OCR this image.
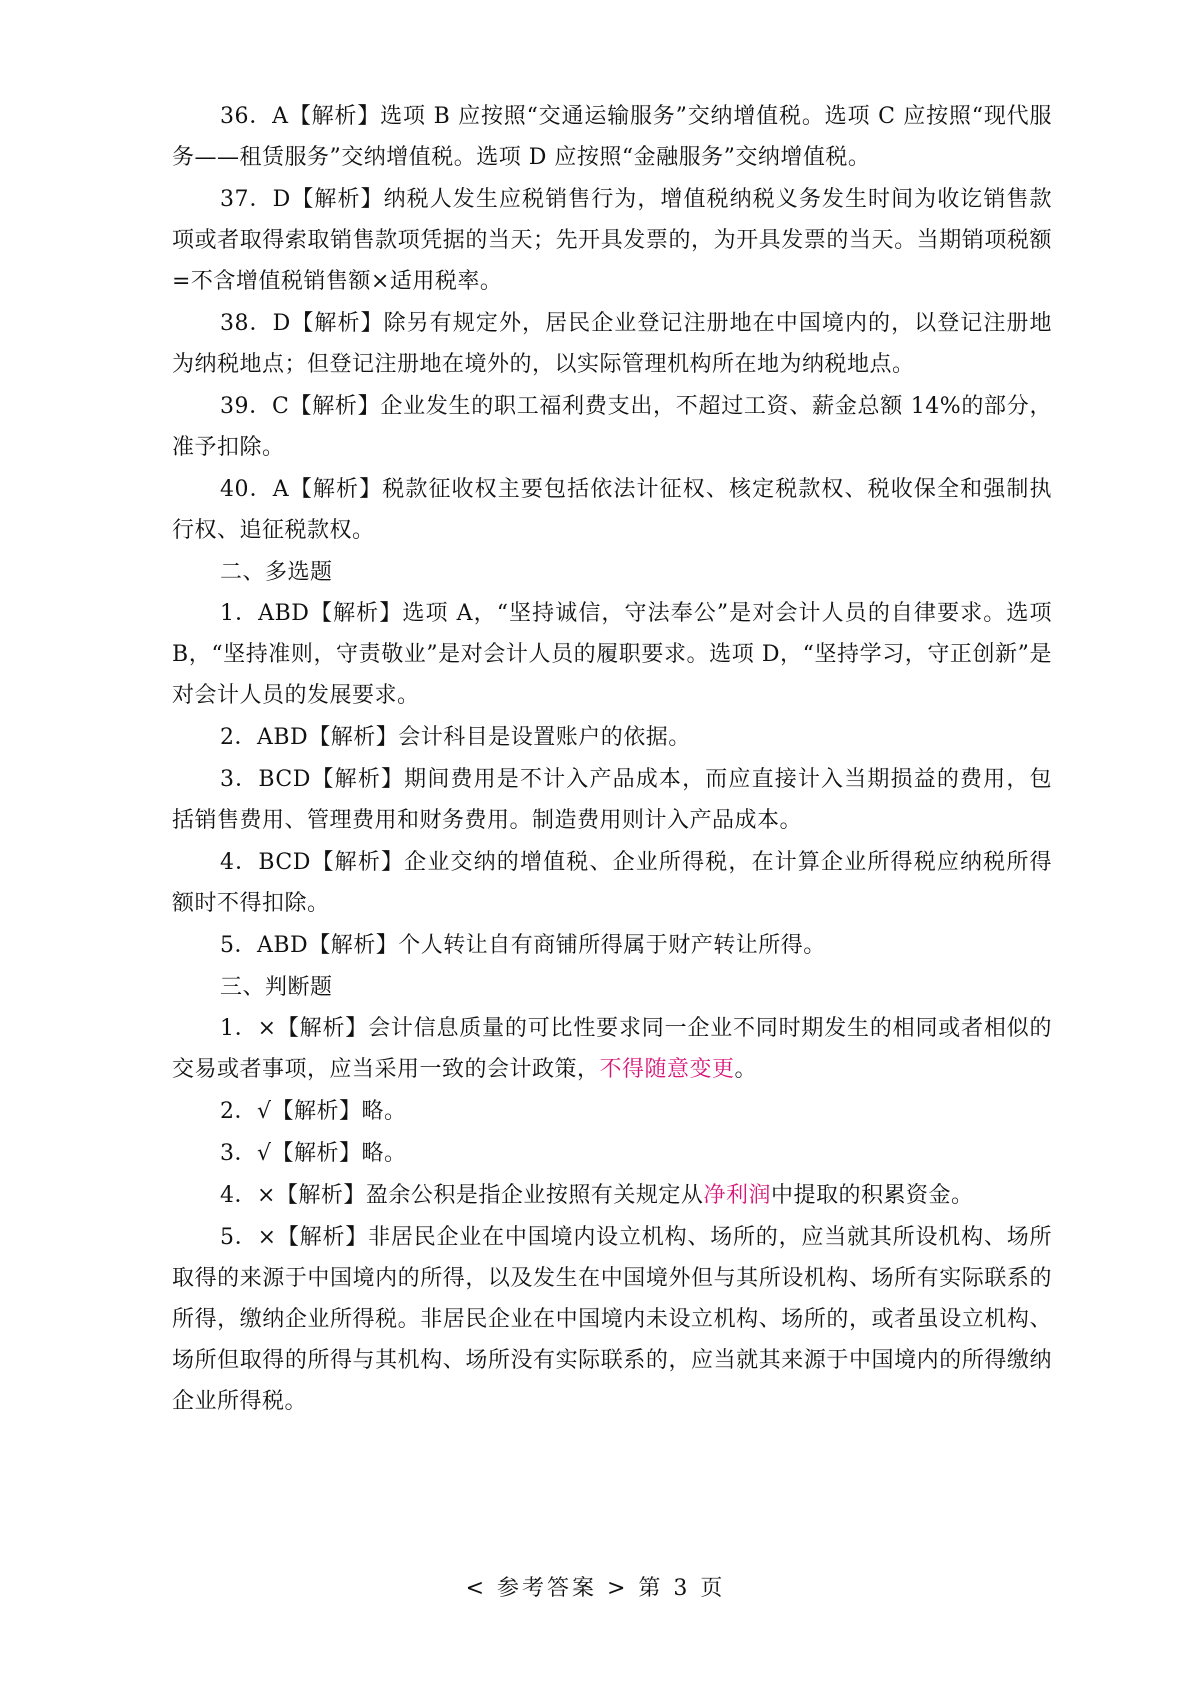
36．A【解析】选项 B 应按照“交通运输服务”交纳增值税。选项 C 应按照“现代服务——租赁服务”交纳增值税。选项 D 应按照“金融服务”交纳增值税。

37．D【解析】纳税人发生应税销售行为，增值税纳税义务发生时间为收讫销售款项或者取得索取销售款项凭据的当天；先开具发票的，为开具发票的当天。当期销项税额=不含增值税销售额×适用税率。

38．D【解析】除另有规定外，居民企业登记注册地在中国境内的，以登记注册地为纳税地点；但登记注册地在境外的，以实际管理机构所在地为纳税地点。

39．C【解析】企业发生的职工福利费支出，不超过工资、薪金总额 14%的部分，准予扣除。

40．A【解析】税款征收权主要包括依法计征权、核定税款权、税收保全和强制执行权、追征税款权。

二、多选题

1．ABD【解析】选项 A，“坚持诚信，守法奉公”是对会计人员的自律要求。选项 B，“坚持准则，守责敬业”是对会计人员的履职要求。选项 D，“坚持学习，守正创新”是对会计人员的发展要求。

2．ABD【解析】会计科目是设置账户的依据。

3．BCD【解析】期间费用是不计入产品成本，而应直接计入当期损益的费用，包括销售费用、管理费用和财务费用。制造费用则计入产品成本。

4．BCD【解析】企业交纳的增值税、企业所得税，在计算企业所得税应纳税所得额时不得扣除。

5．ABD【解析】个人转让自有商铺所得属于财产转让所得。

三、判断题

1．×【解析】会计信息质量的可比性要求同一企业不同时期发生的相同或者相似的交易或者事项，应当采用一致的会计政策，不得随意变更。

2．√【解析】略。

3．√【解析】略。

4．×【解析】盈余公积是指企业按照有关规定从净利润中提取的积累资金。

5．×【解析】非居民企业在中国境内设立机构、场所的，应当就其所设机构、场所取得的来源于中国境内的所得，以及发生在中国境外但与其所设机构、场所有实际联系的所得，缴纳企业所得税。非居民企业在中国境内未设立机构、场所的，或者虽设立机构、场所但取得的所得与其机构、场所没有实际联系的，应当就其来源于中国境内的所得缴纳企业所得税。

< 参考答案 > 第 3 页
